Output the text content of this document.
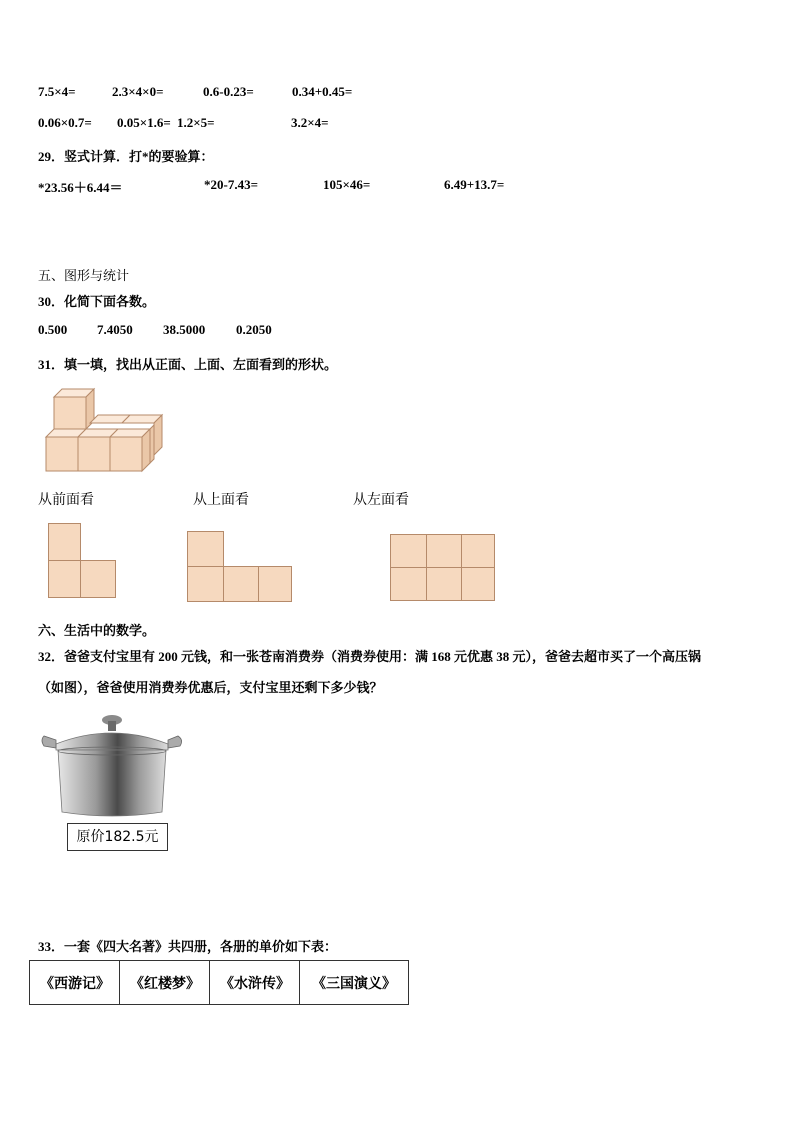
7.5×4=	2.3×4×0=	0.6-0.23=	0.34+0.45=
0.06×0.7= 0.05×1.6= 1.2×5=	3.2×4=
29．竖式计算．打*的要验算：
*23.56＋6.44＝	*20-7.43=	105×46=	6.49+13.7=
五、图形与统计
30．化简下面各数。
0.500 7.4050 38.5000 0.2050
31．填一填，找出从正面、上面、左面看到的形状。
从前面看	从上面看	从左面看
六、生活中的数学。
32．爸爸支付宝里有 200 元钱，和一张苍南消费券（消费券使用：满 168 元优惠 38 元），爸爸去超市买了一个高压锅
（如图），爸爸使用消费券优惠后，支付宝里还剩下多少钱？
原价182.5元
33．一套《四大名著》共四册，各册的单价如下表：
《西游记》	《红楼梦》	《水浒传》	《三国演义》
